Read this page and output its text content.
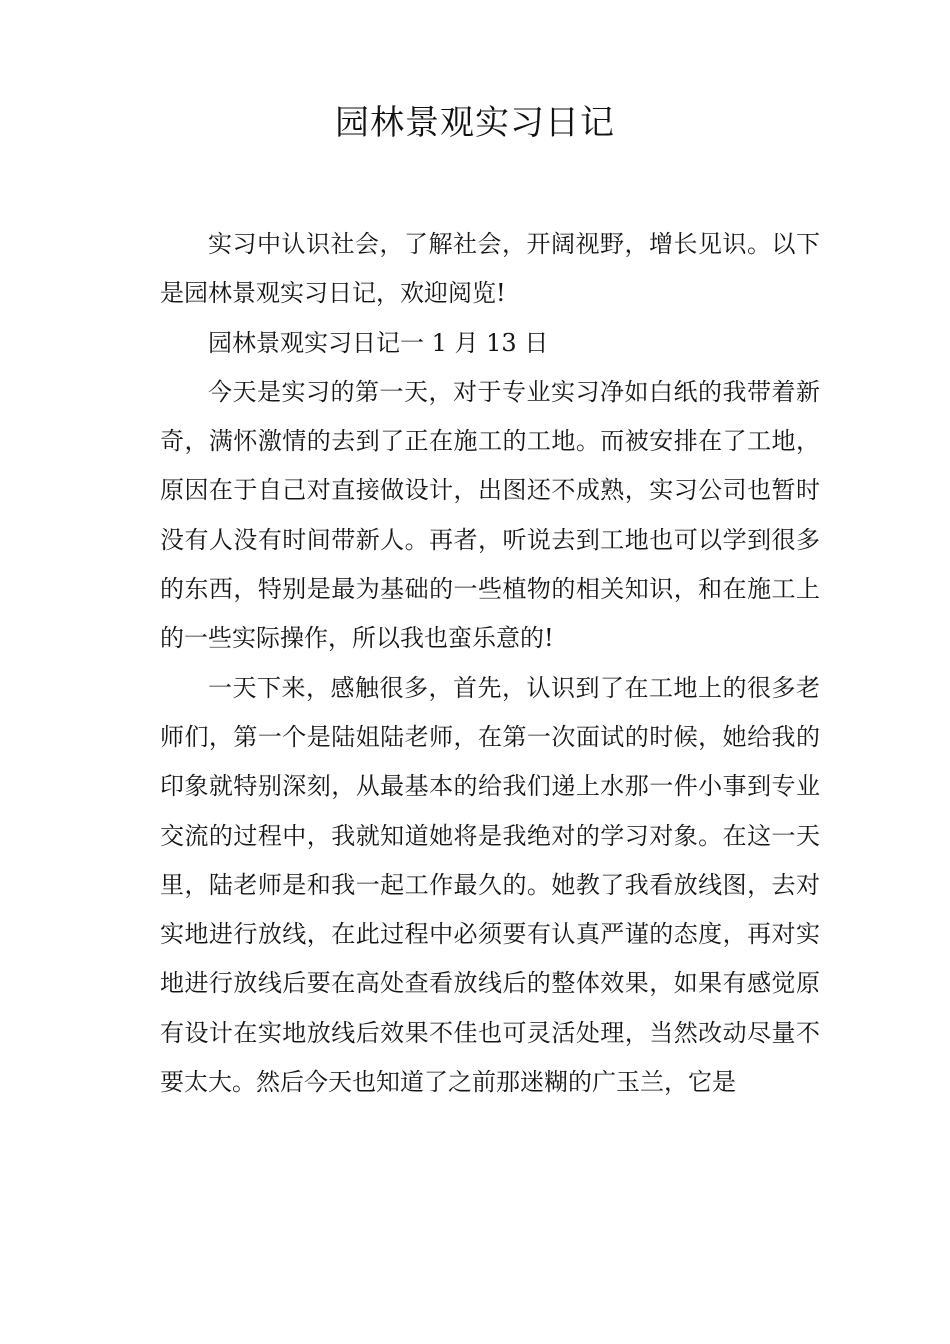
园林景观实习日记

实习中认识社会，了解社会，开阔视野，增长见识。以下是园林景观实习日记，欢迎阅览!

园林景观实习日记一 1 月 13 日

今天是实习的第一天，对于专业实习净如白纸的我带着新奇，满怀激情的去到了正在施工的工地。而被安排在了工地，原因在于自己对直接做设计，出图还不成熟，实习公司也暂时没有人没有时间带新人。再者，听说去到工地也可以学到很多的东西，特别是最为基础的一些植物的相关知识，和在施工上的一些实际操作，所以我也蛮乐意的!

一天下来，感触很多，首先，认识到了在工地上的很多老师们，第一个是陆姐陆老师，在第一次面试的时候，她给我的印象就特别深刻，从最基本的给我们递上水那一件小事到专业交流的过程中，我就知道她将是我绝对的学习对象。在这一天里，陆老师是和我一起工作最久的。她教了我看放线图，去对实地进行放线，在此过程中必须要有认真严谨的态度，再对实地进行放线后要在高处查看放线后的整体效果，如果有感觉原有设计在实地放线后效果不佳也可灵活处理，当然改动尽量不要太大。然后今天也知道了之前那迷糊的广玉兰，它是
